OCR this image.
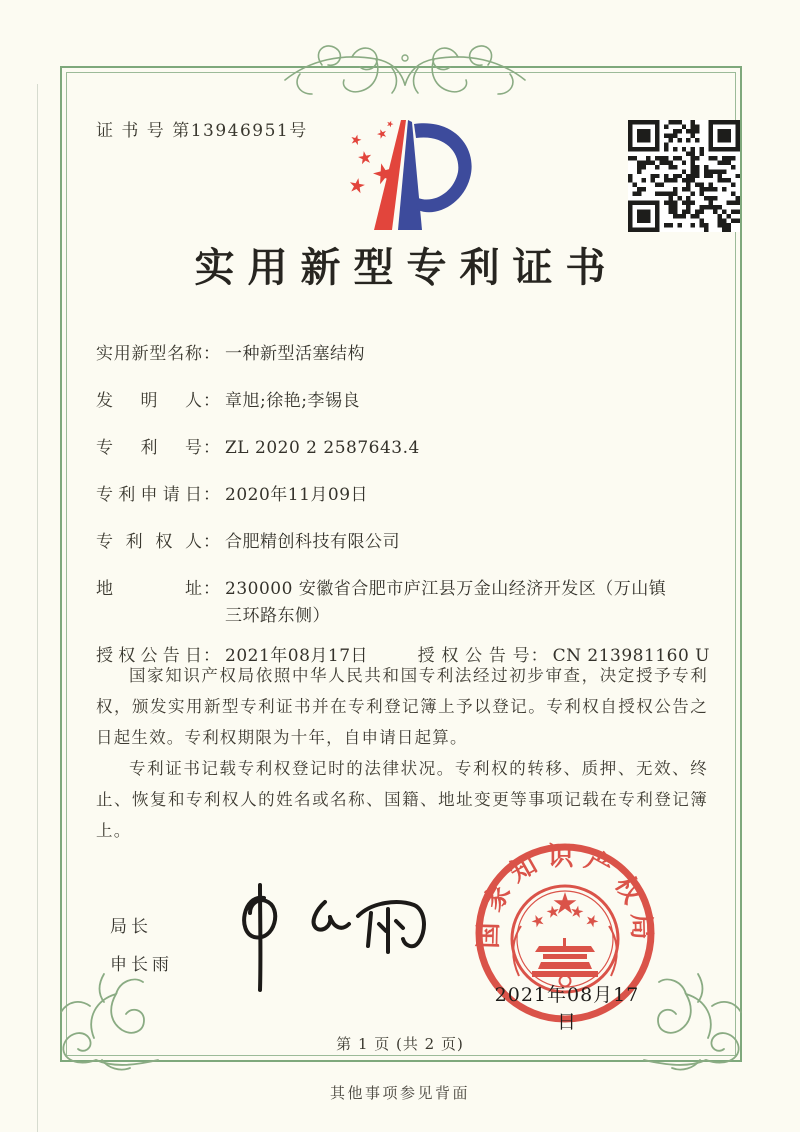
证 书 号 第13946951号
实用新型专利证书
实用新型名称 ： 一种新型活塞结构
发明人 ： 章旭;徐艳;李锡良
专利号 ： ZL 2020 2 2587643.4
专利申请日 ： 2020年11月09日
专利权人 ： 合肥精创科技有限公司
地址 ： 230000 安徽省合肥市庐江县万金山经济开发区（万山镇
三环路东侧）
授权公告日 ： 2021年08月17日	授权公告号 ： CN 213981160 U

国家知识产权局依照中华人民共和国专利法经过初步审查，决定授予专利权，颁发实用新型专利证书并在专利登记簿上予以登记。专利权自授权公告之日起生效。专利权期限为十年，自申请日起算。

专利证书记载专利权登记时的法律状况。专利权的转移、质押、无效、终止、恢复和专利权人的姓名或名称、国籍、地址变更等事项记载在专利登记簿上。

局长
申长雨
国家知识产权局
2021年08月17日
第 1 页 (共 2 页)
其他事项参见背面
